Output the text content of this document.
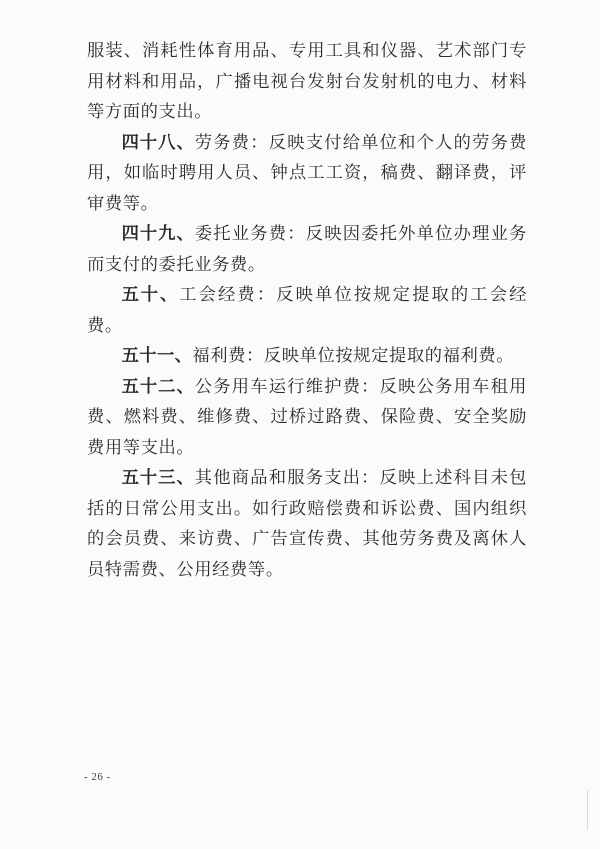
服装、消耗性体育用品、专用工具和仪器、艺术部门专用材料和用品，广播电视台发射台发射机的电力、材料等方面的支出。

四十八、劳务费：反映支付给单位和个人的劳务费用，如临时聘用人员、钟点工工资，稿费、翻译费，评审费等。

四十九、委托业务费：反映因委托外单位办理业务而支付的委托业务费。

五十、工会经费：反映单位按规定提取的工会经费。

五十一、福利费：反映单位按规定提取的福利费。

五十二、公务用车运行维护费：反映公务用车租用费、燃料费、维修费、过桥过路费、保险费、安全奖励费用等支出。

五十三、其他商品和服务支出：反映上述科目未包括的日常公用支出。如行政赔偿费和诉讼费、国内组织的会员费、来访费、广告宣传费、其他劳务费及离休人员特需费、公用经费等。

- 26 -
